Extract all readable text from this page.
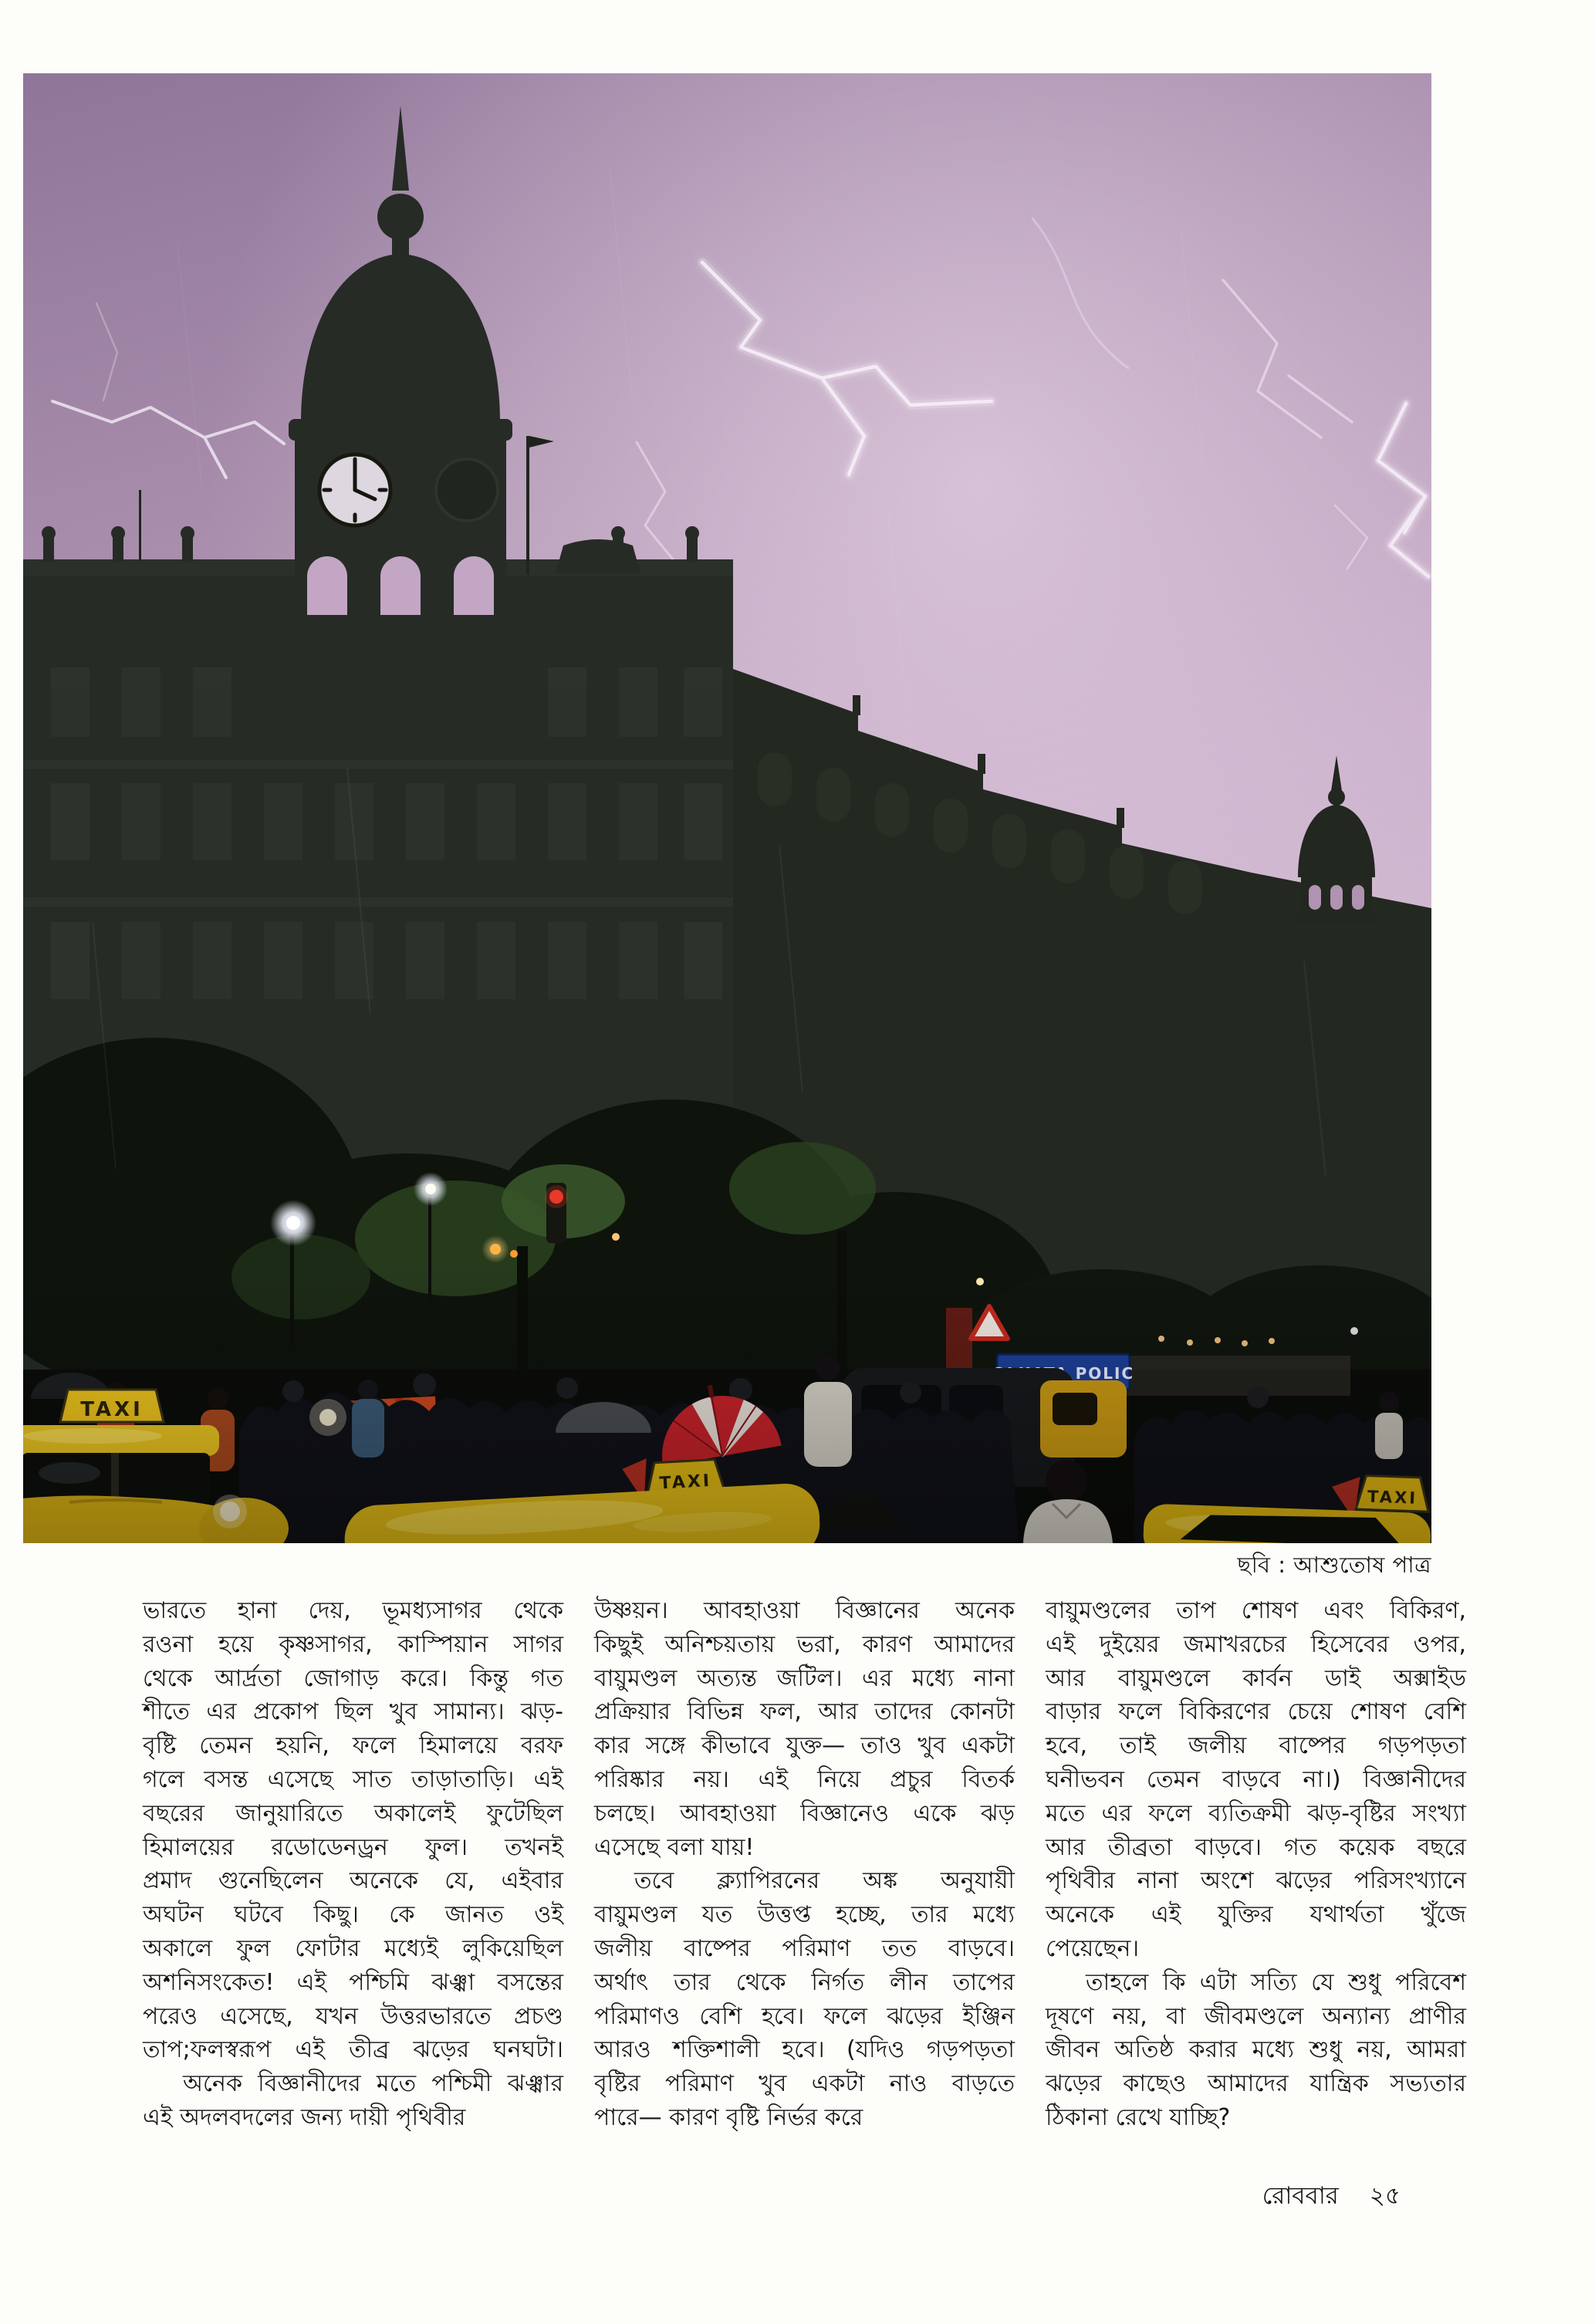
ছবি : আশুতোষ পাত্র
ভারতে হানা দেয়, ভূমধ্যসাগর থেকে
রওনা হয়ে কৃষ্ণসাগর, কাস্পিয়ান সাগর
থেকে আর্দ্রতা জোগাড় করে। কিন্তু গত
শীতে এর প্রকোপ ছিল খুব সামান্য। ঝড়-
বৃষ্টি তেমন হয়নি, ফলে হিমালয়ে বরফ
গলে বসন্ত এসেছে সাত তাড়াতাড়ি। এই
বছরের জানুয়ারিতে অকালেই ফুটেছিল
হিমালয়ের রডোডেনড্রন ফুল। তখনই
প্রমাদ গুনেছিলেন অনেকে যে, এইবার
অঘটন ঘটবে কিছু। কে জানত ওই
অকালে ফুল ফোটার মধ্যেই লুকিয়েছিল
অশনিসংকেত! এই পশ্চিমি ঝঞ্ঝা বসন্তের
পরেও এসেছে, যখন উত্তরভারতে প্রচণ্ড
তাপ;ফলস্বরূপ এই তীব্র ঝড়ের ঘনঘটা।
অনেক বিজ্ঞানীদের মতে পশ্চিমী ঝঞ্ঝার
এই অদলবদলের জন্য দায়ী পৃথিবীর
উষ্ণয়ন। আবহাওয়া বিজ্ঞানের অনেক
কিছুই অনিশ্চয়তায় ভরা, কারণ আমাদের
বায়ুমণ্ডল অত্যন্ত জটিল। এর মধ্যে নানা
প্রক্রিয়ার বিভিন্ন ফল, আর তাদের কোনটা
কার সঙ্গে কীভাবে যুক্ত— তাও খুব একটা
পরিষ্কার নয়। এই নিয়ে প্রচুর বিতর্ক
চলছে। আবহাওয়া বিজ্ঞানেও একে ঝড়
এসেছে বলা যায়!
তবে ক্ল্যাপিরনের অঙ্ক অনুযায়ী
বায়ুমণ্ডল যত উত্তপ্ত হচ্ছে, তার মধ্যে
জলীয় বাষ্পের পরিমাণ তত বাড়বে।
অর্থাৎ তার থেকে নির্গত লীন তাপের
পরিমাণও বেশি হবে। ফলে ঝড়ের ইঞ্জিন
আরও শক্তিশালী হবে। (যদিও গড়পড়তা
বৃষ্টির পরিমাণ খুব একটা নাও বাড়তে
পারে— কারণ বৃষ্টি নির্ভর করে
বায়ুমণ্ডলের তাপ শোষণ এবং বিকিরণ,
এই দুইয়ের জমাখরচের হিসেবের ওপর,
আর বায়ুমণ্ডলে কার্বন ডাই অক্সাইড
বাড়ার ফলে বিকিরণের চেয়ে শোষণ বেশি
হবে, তাই জলীয় বাষ্পের গড়পড়তা
ঘনীভবন তেমন বাড়বে না।) বিজ্ঞানীদের
মতে এর ফলে ব্যতিক্রমী ঝড়-বৃষ্টির সংখ্যা
আর তীব্রতা বাড়বে। গত কয়েক বছরে
পৃথিবীর নানা অংশে ঝড়ের পরিসংখ্যানে
অনেকে এই যুক্তির যথার্থতা খুঁজে
পেয়েছেন।
তাহলে কি এটা সত্যি যে শুধু পরিবেশ
দূষণে নয়, বা জীবমণ্ডলে অন্যান্য প্রাণীর
জীবন অতিষ্ঠ করার মধ্যে শুধু নয়, আমরা
ঝড়ের কাছেও আমাদের যান্ত্রিক সভ্যতার
ঠিকানা রেখে যাচ্ছি?
রোববার ২৫
